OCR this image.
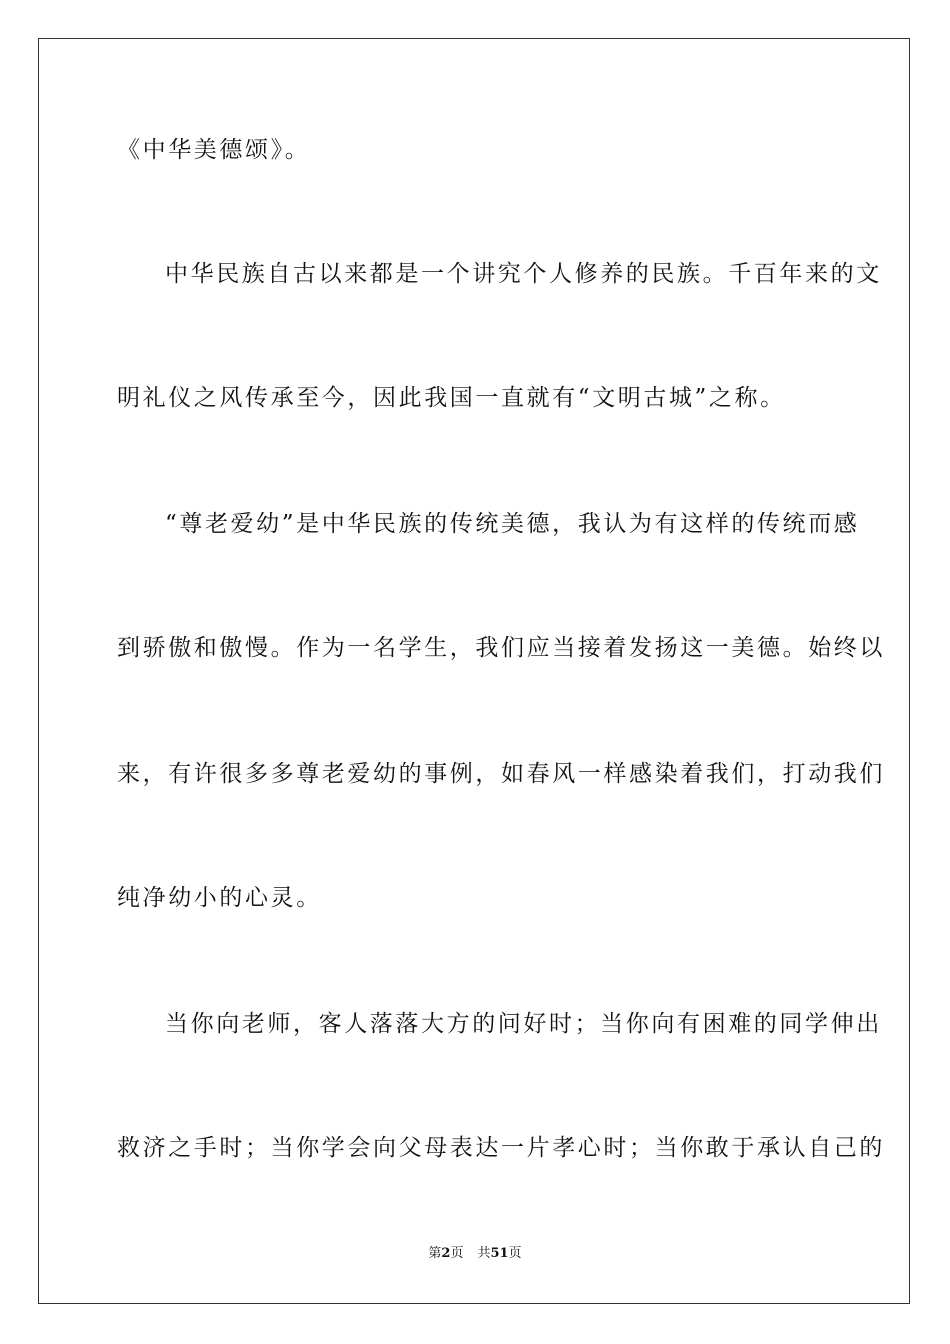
《中华美德颂》。
中华民族自古以来都是一个讲究个人修养的民族。千百年来的文
明礼仪之风传承至今，因此我国一直就有“文明古城”之称。
“尊老爱幼”是中华民族的传统美德，我认为有这样的传统而感
到骄傲和傲慢。作为一名学生，我们应当接着发扬这一美德。始终以
来，有许很多多尊老爱幼的事例，如春风一样感染着我们，打动我们
纯净幼小的心灵。
当你向老师，客人落落大方的问好时；当你向有困难的同学伸出
救济之手时；当你学会向父母表达一片孝心时；当你敢于承认自己的
第2页 共51页
